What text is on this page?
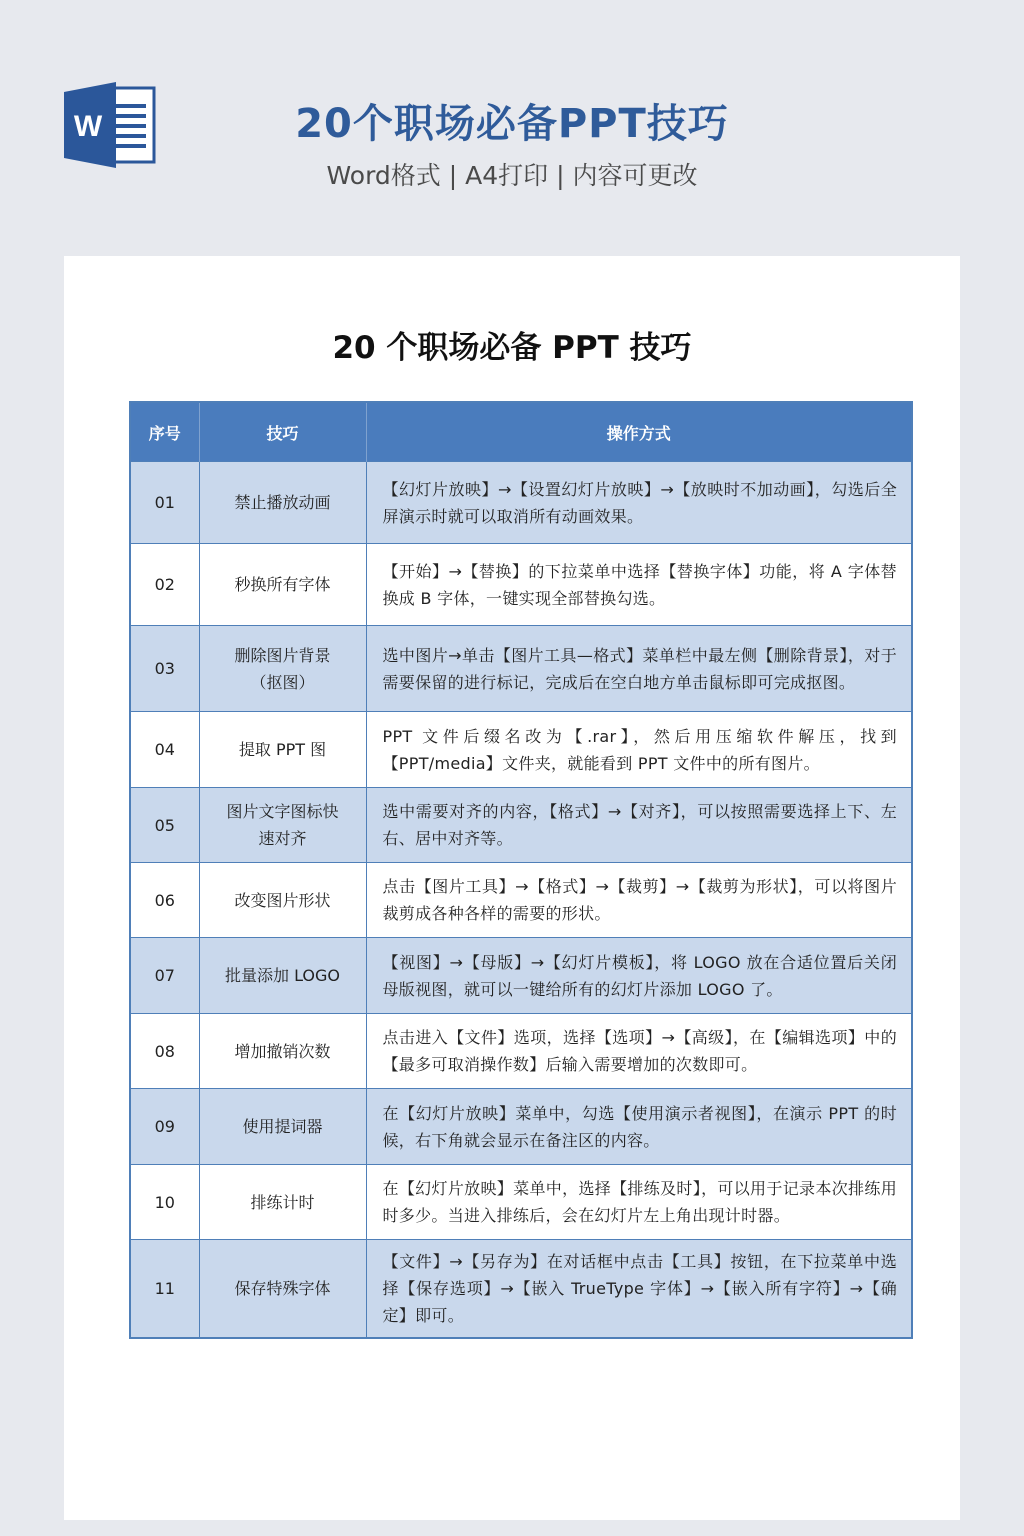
W	20个职场必备PPT技巧
Word格式 | A4打印 | 内容可更改
20 个职场必备 PPT 技巧
序号	技巧	操作方式
01	禁止播放动画	【幻灯片放映】→【设置幻灯片放映】→【放映时不加动画】，勾选后全屏演示时就可以取消所有动画效果。
02	秒换所有字体	【开始】→【替换】的下拉菜单中选择【替换字体】功能，将 A 字体替换成 B 字体，一键实现全部替换勾选。
03	删除图片背景（抠图）	选中图片→单击【图片工具—格式】菜单栏中最左侧【删除背景】，对于需要保留的进行标记，完成后在空白地方单击鼠标即可完成抠图。
04	提取 PPT 图	PPT 文件后缀名改为【.rar】，然后用压缩软件解压，找到【PPT/media】文件夹，就能看到 PPT 文件中的所有图片。
05	图片文字图标快速对齐	选中需要对齐的内容，【格式】→【对齐】，可以按照需要选择上下、左右、居中对齐等。
06	改变图片形状	点击【图片工具】→【格式】→【裁剪】→【裁剪为形状】，可以将图片裁剪成各种各样的需要的形状。
07	批量添加 LOGO	【视图】→【母版】→【幻灯片模板】，将 LOGO 放在合适位置后关闭母版视图，就可以一键给所有的幻灯片添加 LOGO 了。
08	增加撤销次数	点击进入【文件】选项，选择【选项】→【高级】，在【编辑选项】中的【最多可取消操作数】后输入需要增加的次数即可。
09	使用提词器	在【幻灯片放映】菜单中，勾选【使用演示者视图】，在演示 PPT 的时候，右下角就会显示在备注区的内容。
10	排练计时	在【幻灯片放映】菜单中，选择【排练及时】，可以用于记录本次排练用时多少。当进入排练后，会在幻灯片左上角出现计时器。
11	保存特殊字体	【文件】→【另存为】在对话框中点击【工具】按钮，在下拉菜单中选择【保存选项】→【嵌入 TrueType 字体】→【嵌入所有字符】→【确定】即可。
